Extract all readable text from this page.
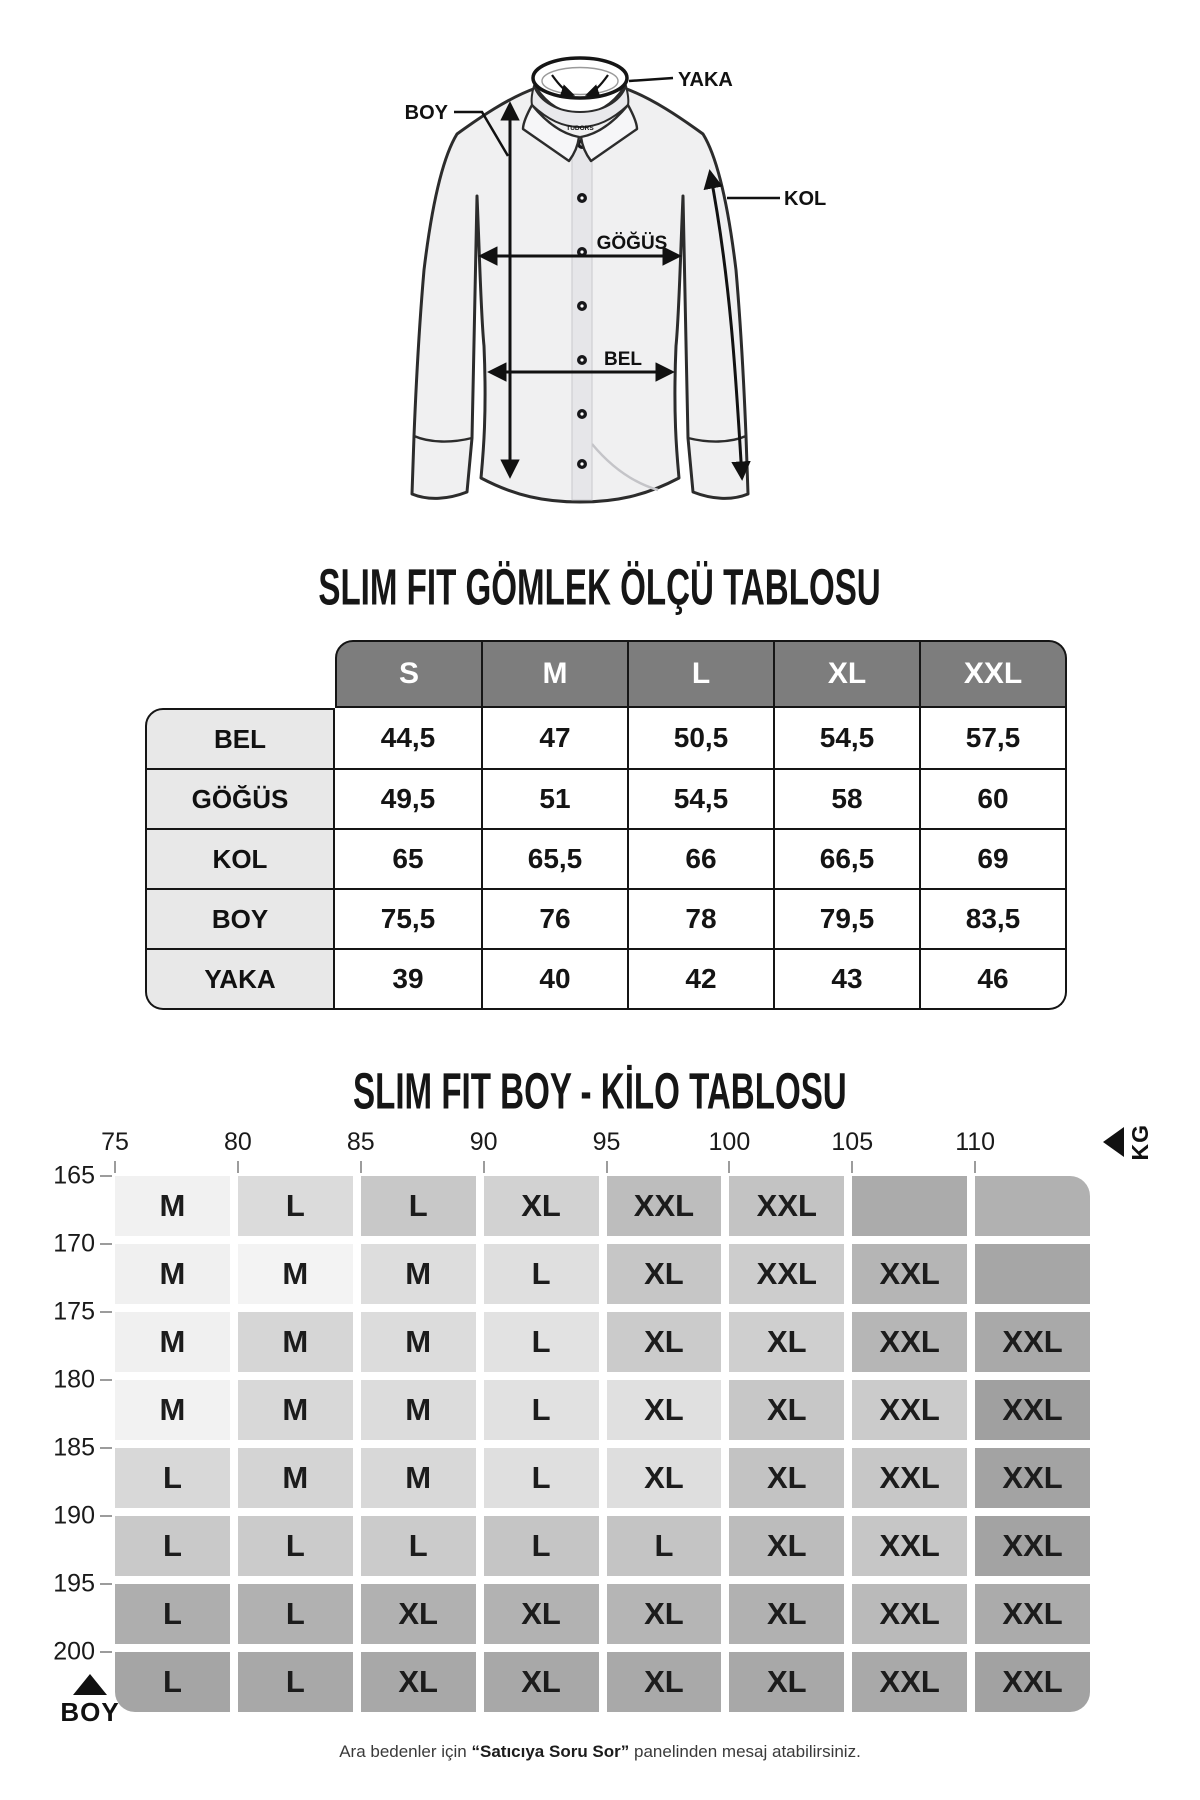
TUDORS
BOY
YAKA
KOL
GÖĞÜS
BEL
SLIM FIT GÖMLEK ÖLÇÜ TABLOSU
	S	M	L	XL	XXL
BEL	44,5	47	50,5	54,5	57,5
GÖĞÜS	49,5	51	54,5	58	60
KOL	65	65,5	66	66,5	69
BOY	75,5	76	78	79,5	83,5
YAKA	39	40	42	43	46
SLIM FIT BOY - KİLO TABLOSU
KG
75	80	85	90	95	100	105	110
M	L	L	XL	XXL	XXL
M	M	M	L	XL	XXL	XXL
M	M	M	L	XL	XL	XXL	XXL
M	M	M	L	XL	XL	XXL	XXL
L	M	M	L	XL	XL	XXL	XXL
L	L	L	L	L	XL	XXL	XXL
L	L	XL	XL	XL	XL	XXL	XXL
L	L	XL	XL	XL	XL	XXL	XXL
165
170
175
180
185
190
195
200
BOY
Ara bedenler için “Satıcıya Soru Sor” panelinden mesaj atabilirsiniz.
